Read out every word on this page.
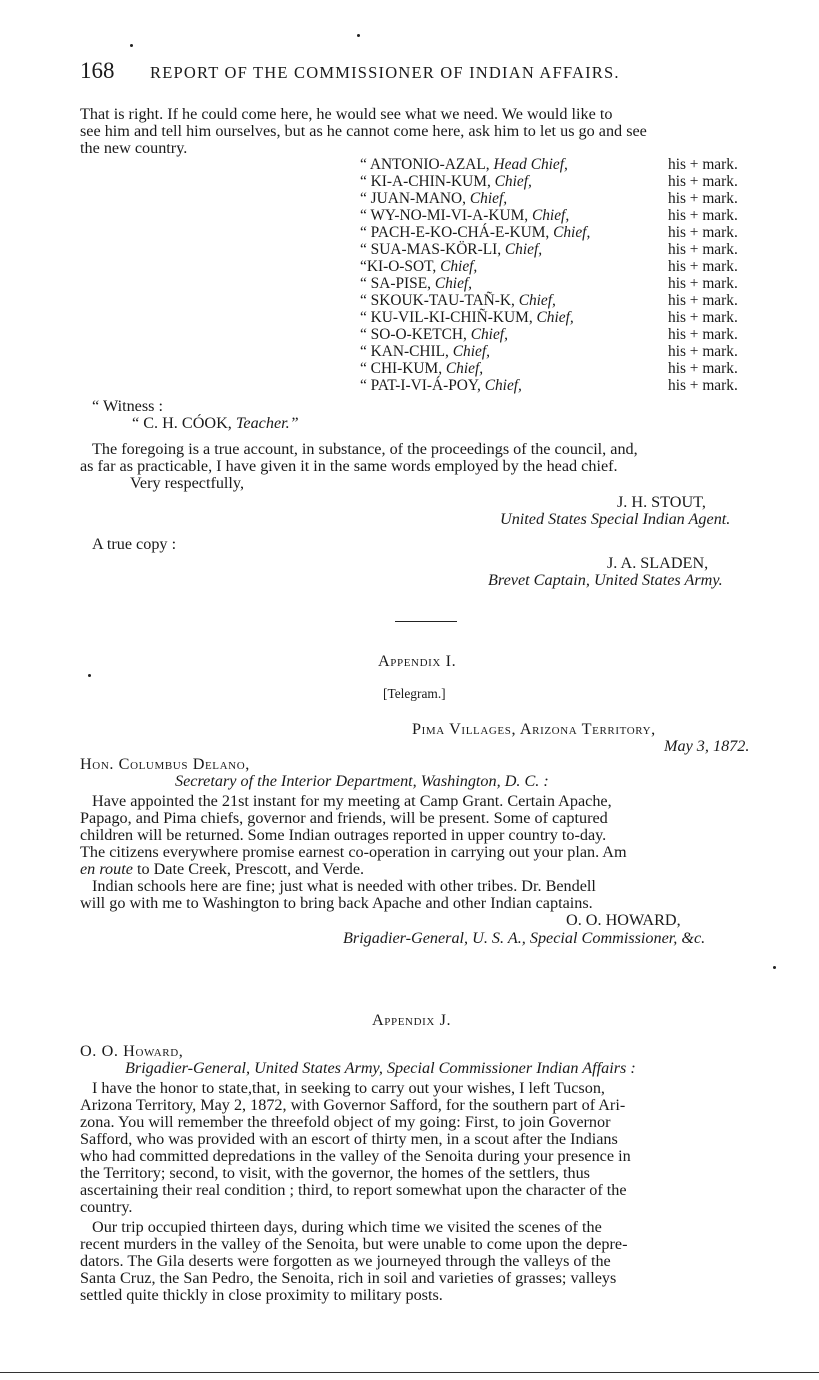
168 REPORT OF THE COMMISSIONER OF INDIAN AFFAIRS.
That is right. If he could come here, he would see what we need. We would like to
see him and tell him ourselves, but as he cannot come here, ask him to let us go and see
the new country.
“ ANTONIO-AZAL, Head Chief,	his + mark.
“ KI-A-CHIN-KUM, Chief,	his + mark.
“ JUAN-MANO, Chief,	his + mark.
“ WY-NO-MI-VI-A-KUM, Chief,	his + mark.
“ PACH-E-KO-CHÁ-E-KUM, Chief,	his + mark.
“ SUA-MAS-KÖR-LI, Chief,	his + mark.
“KI-O-SOT, Chief,	his + mark.
“ SA-PISE, Chief,	his + mark.
“ SKOUK-TAU-TAÑ-K, Chief,	his + mark.
“ KU-VIL-KI-CHIÑ-KUM, Chief,	his + mark.
“ SO-O-KETCH, Chief,	his + mark.
“ KAN-CHIL, Chief,	his + mark.
“ CHI-KUM, Chief,	his + mark.
“ PAT-I-VI-Á-POY, Chief,	his + mark.
“ Witness :
“ C. H. CÓOK, Teacher.”
The foregoing is a true account, in substance, of the proceedings of the council, and,
as far as practicable, I have given it in the same words employed by the head chief.
Very respectfully,
J. H. STOUT,
United States Special Indian Agent.
A true copy :
J. A. SLADEN,
Brevet Captain, United States Army.
Appendix I.
[Telegram.]
Pima Villages, Arizona Territory,
May 3, 1872.
Hon. Columbus Delano,
Secretary of the Interior Department, Washington, D. C. :
Have appointed the 21st instant for my meeting at Camp Grant. Certain Apache,
Papago, and Pima chiefs, governor and friends, will be present. Some of captured
children will be returned. Some Indian outrages reported in upper country to-day.
The citizens everywhere promise earnest co-operation in carrying out your plan. Am
en route to Date Creek, Prescott, and Verde.
Indian schools here are fine; just what is needed with other tribes. Dr. Bendell
will go with me to Washington to bring back Apache and other Indian captains.
O. O. HOWARD,
Brigadier-General, U. S. A., Special Commissioner, &c.
Appendix J.
O. O. Howard,
Brigadier-General, United States Army, Special Commissioner Indian Affairs :
I have the honor to state,that, in seeking to carry out your wishes, I left Tucson,
Arizona Territory, May 2, 1872, with Governor Safford, for the southern part of Ari-
zona. You will remember the threefold object of my going: First, to join Governor
Safford, who was provided with an escort of thirty men, in a scout after the Indians
who had committed depredations in the valley of the Senoita during your presence in
the Territory; second, to visit, with the governor, the homes of the settlers, thus
ascertaining their real condition ; third, to report somewhat upon the character of the
country.
Our trip occupied thirteen days, during which time we visited the scenes of the
recent murders in the valley of the Senoita, but were unable to come upon the depre-
dators. The Gila deserts were forgotten as we journeyed through the valleys of the
Santa Cruz, the San Pedro, the Senoita, rich in soil and varieties of grasses; valleys
settled quite thickly in close proximity to military posts.
